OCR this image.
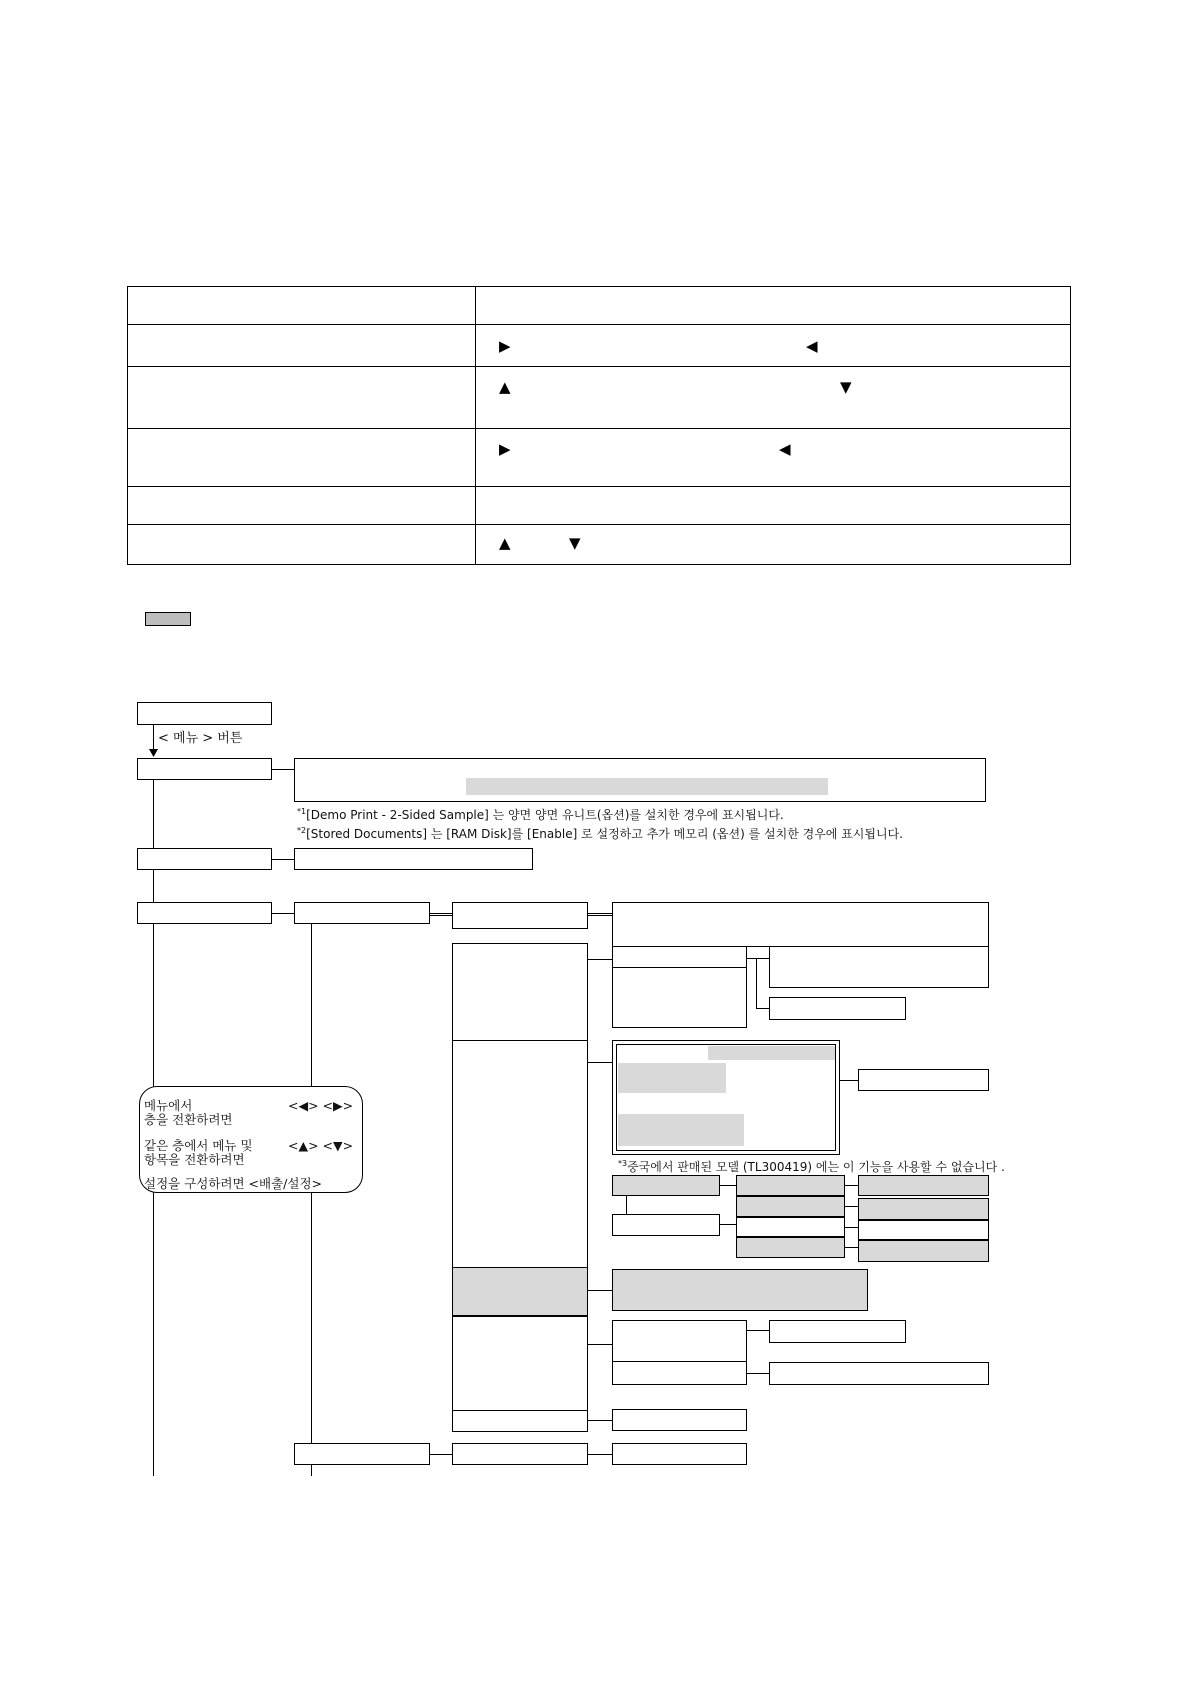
▶	◀
▲	▼
▶	◀
▲	▼
< 메뉴 > 버튼
$^{*1}$[Demo Print - 2-Sided Sample] 는 양면 양면 유니트(옵션)를 설치한 경우에 표시됩니다.
$^{*2}$[Stored Documents] 는 [RAM Disk]를 [Enable] 로 설정하고 추가 메모리 (옵션) 를 설치한 경우에 표시됩니다.
$^{*3}$중국에서 판매된 모델 (TL300419) 에는 이 기능을 사용할 수 없습니다 .
메뉴에서
층을 전환하려면
<◀> <▶>
같은 층에서 메뉴 및
항목을 전환하려면
<▲> <▼>
설정을 구성하려면 <배출/설정>
